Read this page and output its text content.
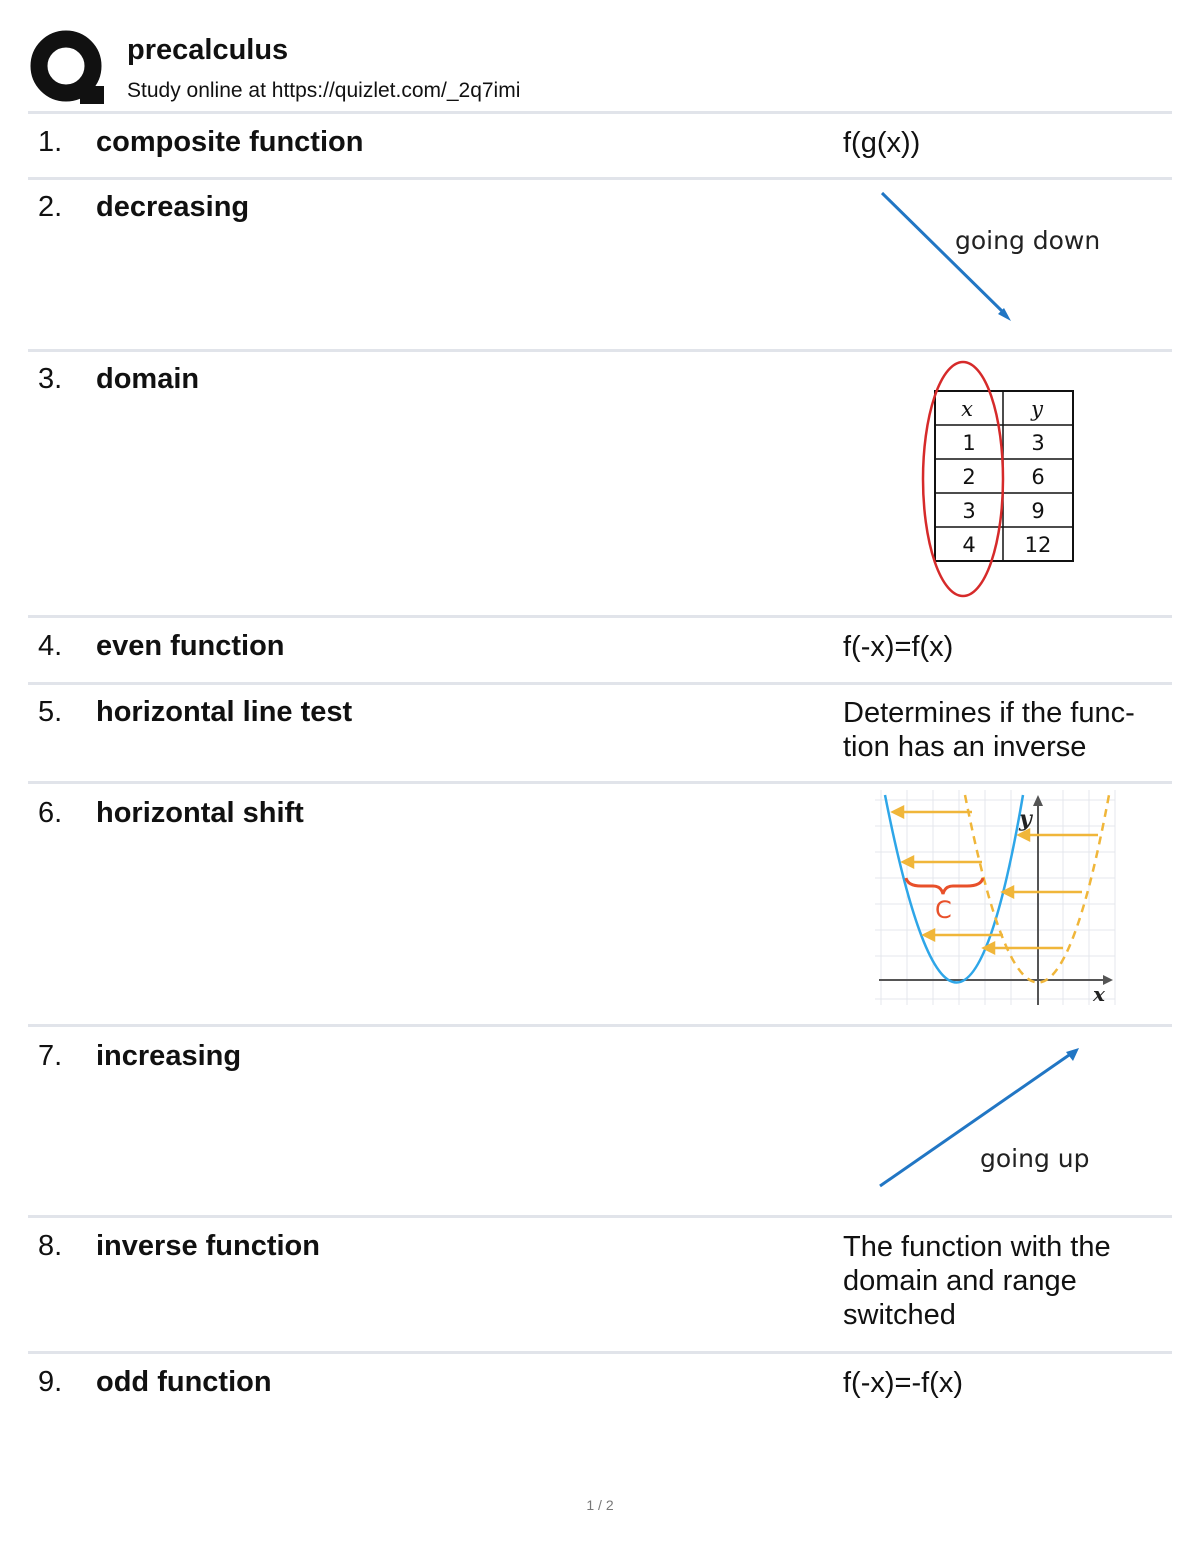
precalculus
Study online at https://quizlet.com/_2q7imi
1. composite function	f(g(x))
2. decreasing
going down
3. domain
x	y
1	3
2	6
3	9
4 12
4. even function	f(-x)=f(x)
5. horizontal line test	Determines if the func-
tion has an inverse
6. horizontal shift	y
x
C
7. increasing
going up
8. inverse function	The function with the
domain and range
switched
9. odd function	f(-x)=-f(x)
1 / 2
